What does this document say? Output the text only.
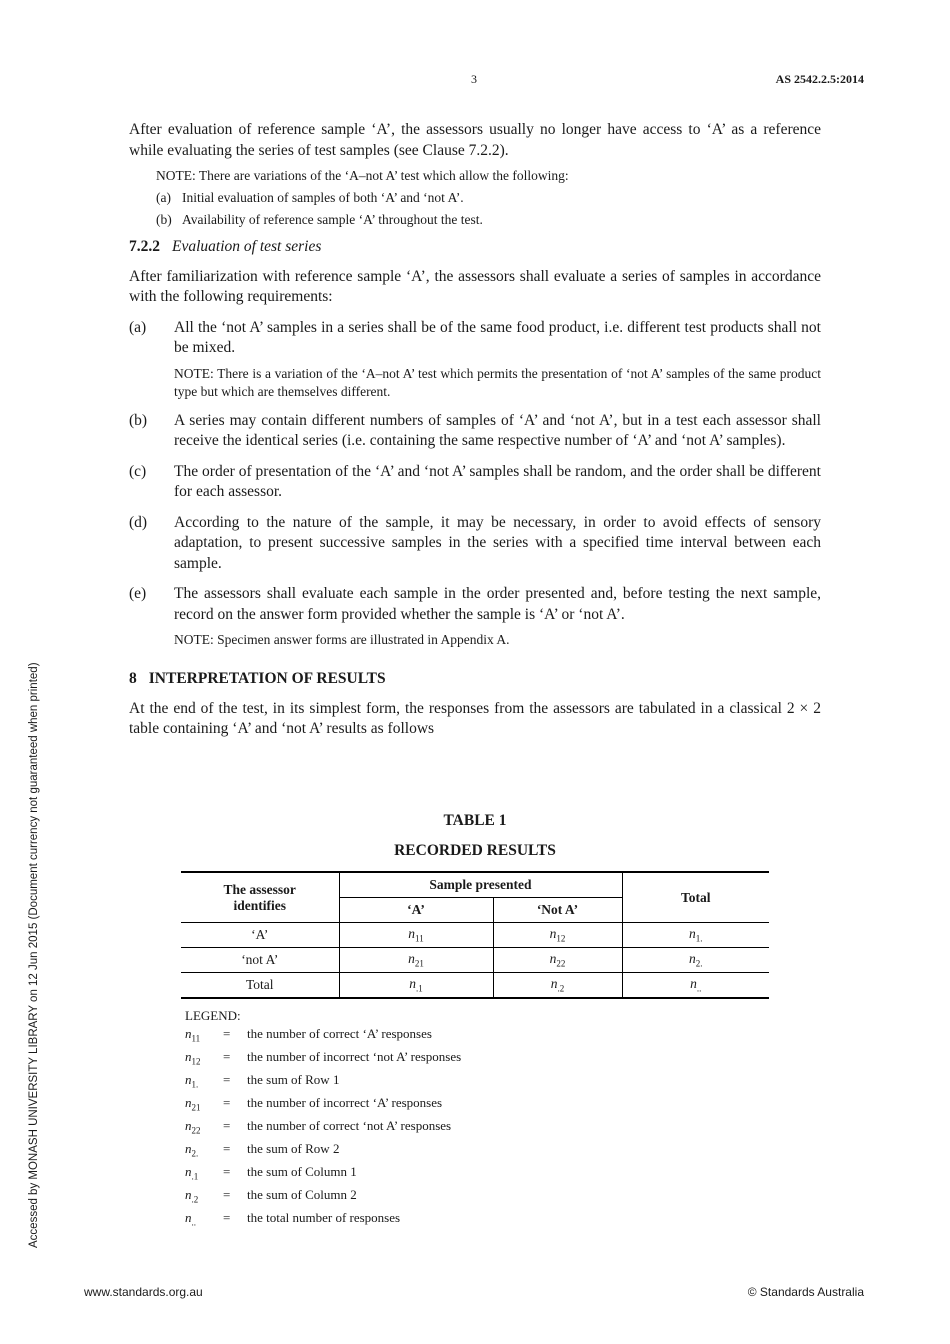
3	AS 2542.2.5:2014

After evaluation of reference sample ‘A’, the assessors usually no longer have access to ‘A’ as a reference while evaluating the series of test samples (see Clause 7.2.2).

NOTE: There are variations of the ‘A–not A’ test which allow the following:

(a) Initial evaluation of samples of both ‘A’ and ‘not A’.
(b) Availability of reference sample ‘A’ throughout the test.
7.2.2 Evaluation of test series

After familiarization with reference sample ‘A’, the assessors shall evaluate a series of samples in accordance with the following requirements:

(a)	All the ‘not A’ samples in a series shall be of the same food product, i.e. different test products shall not be mixed.

NOTE: There is a variation of the ‘A–not A’ test which permits the presentation of ‘not A’ samples of the same product type but which are themselves different.

(b)	A series may contain different numbers of samples of ‘A’ and ‘not A’, but in a test each assessor shall receive the identical series (i.e. containing the same respective number of ‘A’ and ‘not A’ samples).
(c)	The order of presentation of the ‘A’ and ‘not A’ samples shall be random, and the order shall be different for each assessor.
(d)	According to the nature of the sample, it may be necessary, in order to avoid effects of sensory adaptation, to present successive samples in the series with a specified time interval between each sample.
(e)	The assessors shall evaluate each sample in the order presented and, before testing the next sample, record on the answer form provided whether the sample is ‘A’ or ‘not A’.

NOTE: Specimen answer forms are illustrated in Appendix A.

8 INTERPRETATION OF RESULTS

At the end of the test, in its simplest form, the responses from the assessors are tabulated in a classical 2 × 2 table containing ‘A’ and ‘not A’ results as follows

TABLE 1
RECORDED RESULTS
The assessor identifies	Sample presented		Total
	‘A’	‘Not A’	
‘A’	$n_{11}$	$n_{12}$	$n_{1.}$
‘not A’	$n_{21}$	$n_{22}$	$n_{2.}$
Total	$n_{.1}$	$n_{.2}$	$n_{..}$
LEGEND:
$n_{11}$	=	the number of correct ‘A’ responses
$n_{12}$	=	the number of incorrect ‘not A’ responses
$n_{1.}$	=	the sum of Row 1
$n_{21}$	=	the number of incorrect ‘A’ responses
$n_{22}$	=	the number of correct ‘not A’ responses
$n_{2.}$	=	the sum of Row 2
$n_{.1}$	=	the sum of Column 1
$n_{.2}$	=	the sum of Column 2
$n_{..}$	=	the total number of responses
Accessed by MONASH UNIVERSITY LIBRARY on 12 Jun 2015 (Document currency not guaranteed when printed)
www.standards.org.au	© Standards Australia
